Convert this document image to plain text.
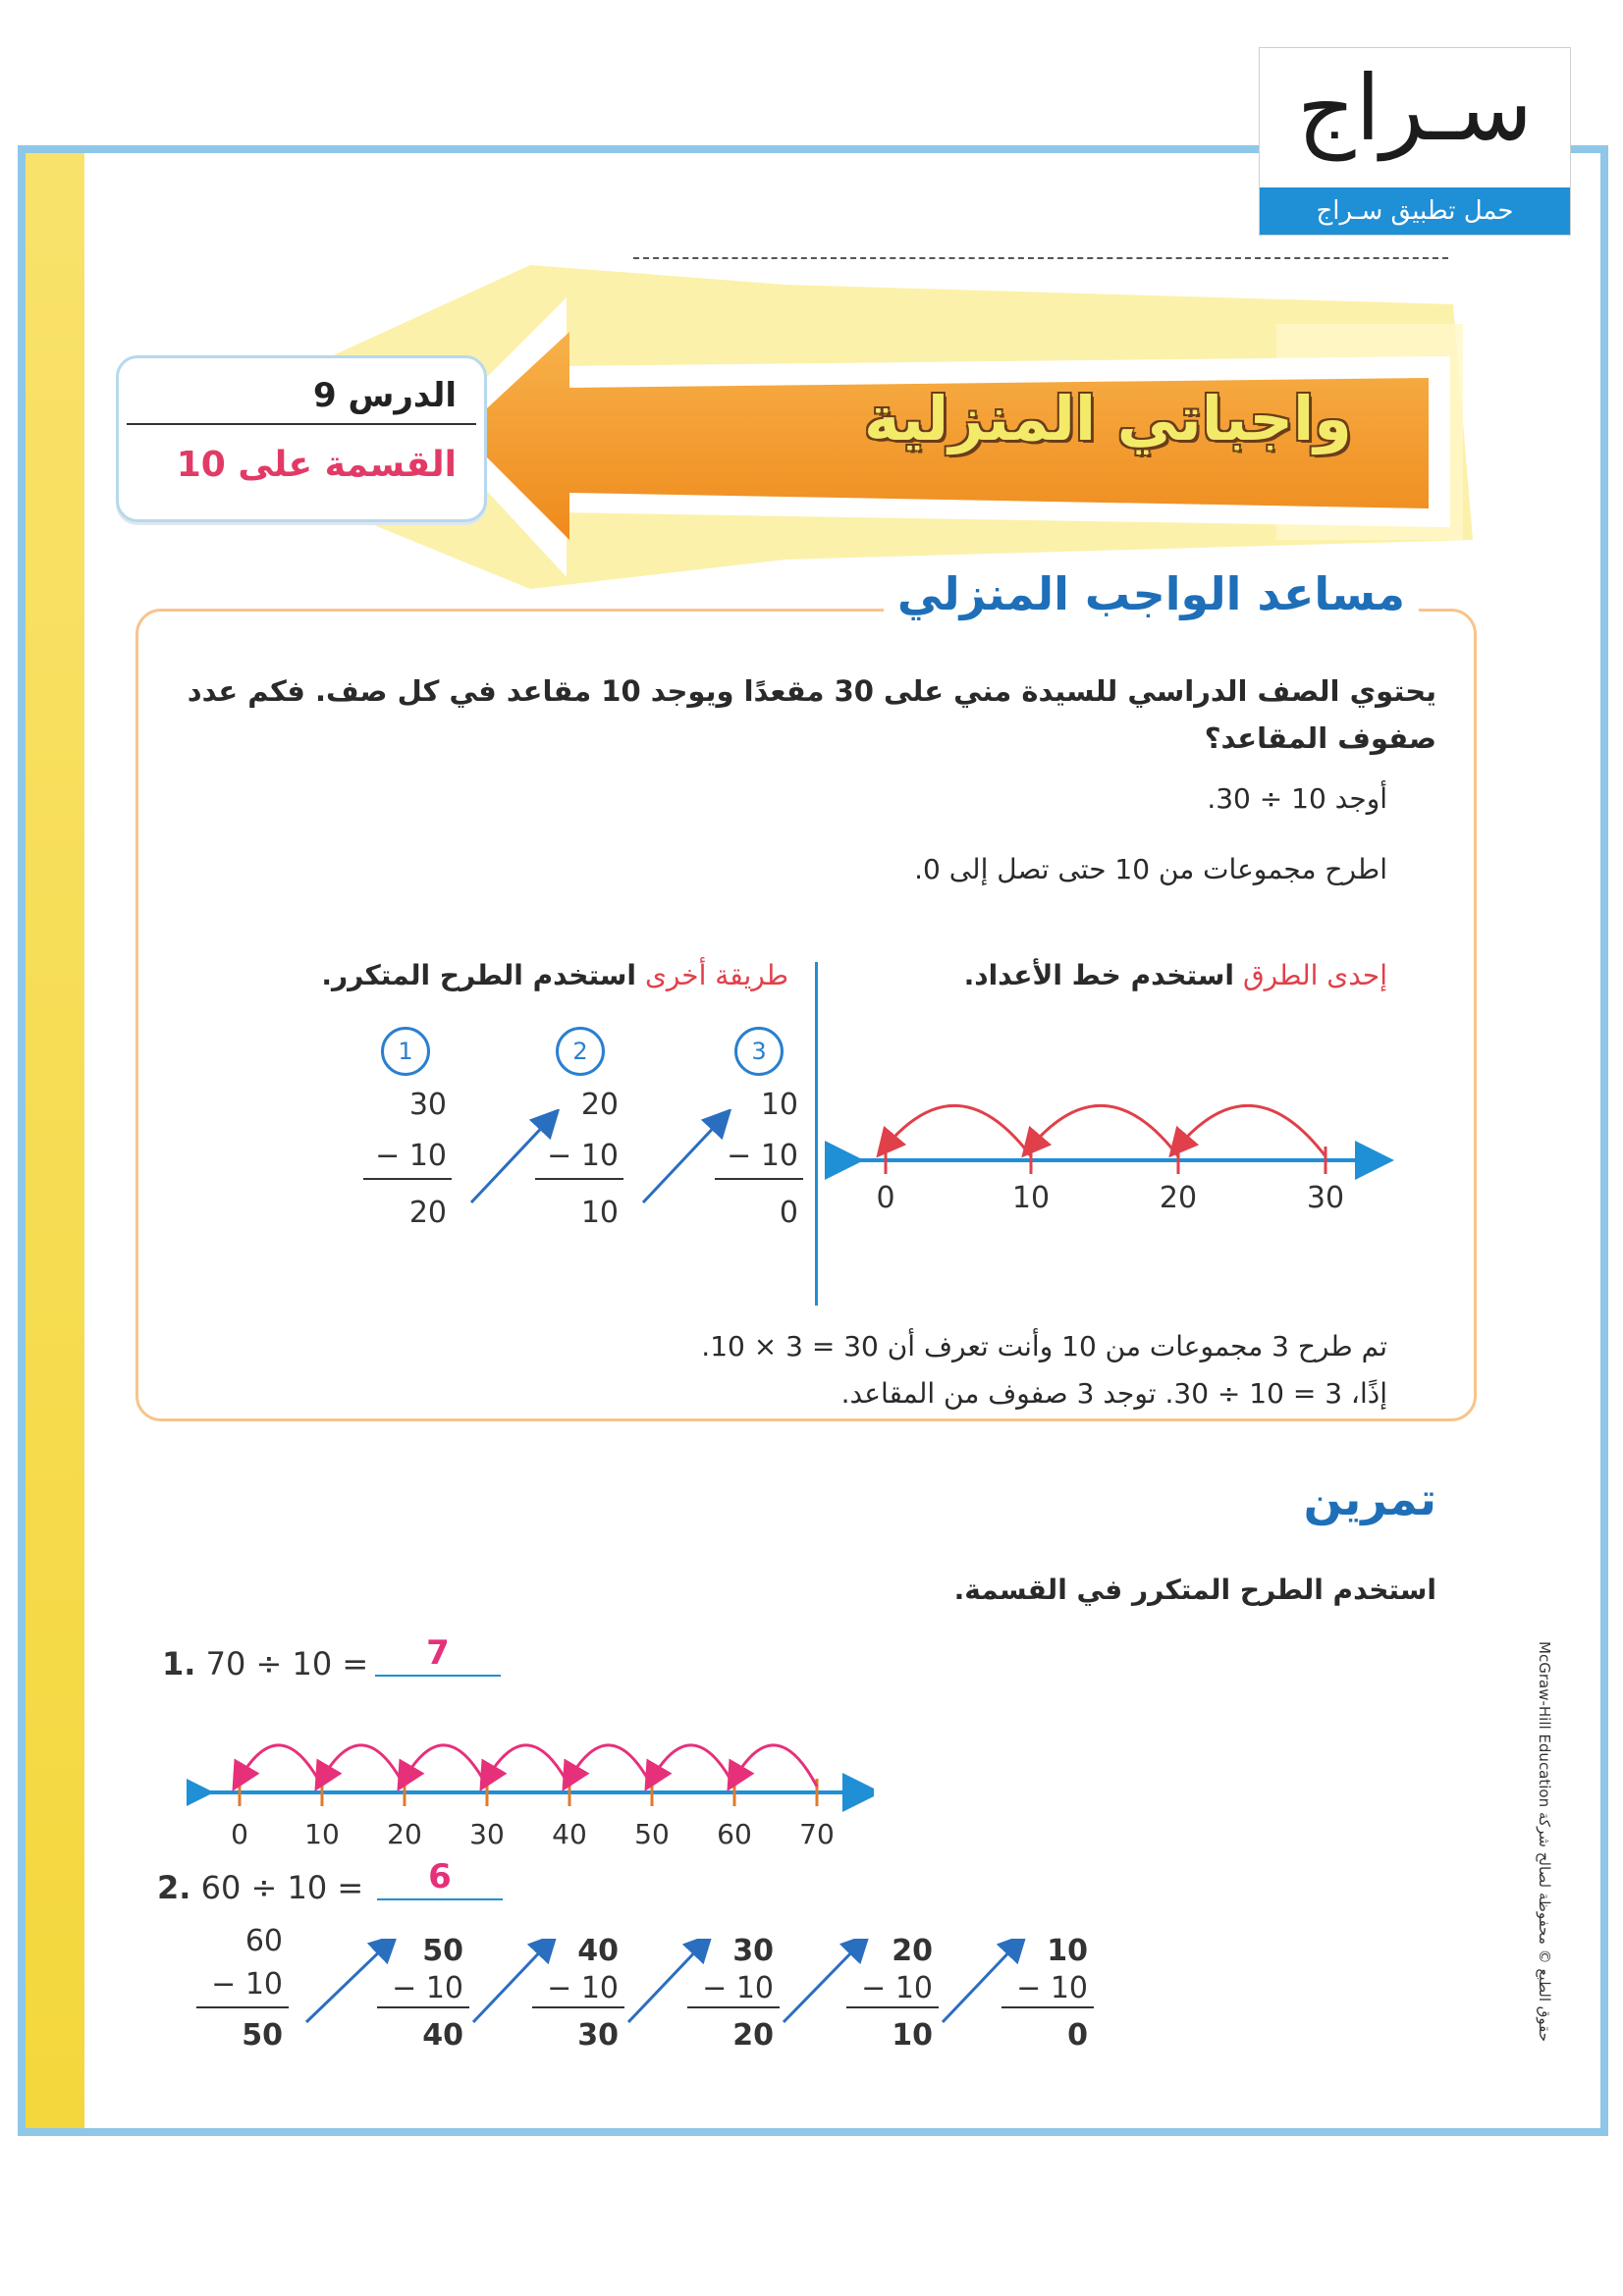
سـراج
حمل تطبيق سـراج
واجباتي المنزلية
الدرس 9
القسمة على 10
مساعد الواجب المنزلي
يحتوي الصف الدراسي للسيدة مني على 30 مقعدًا ويوجد 10 مقاعد في كل صف. فكم عدد صفوف المقاعد؟
أوجد 10 ÷ 30.
اطرح مجموعات من 10 حتى تصل إلى 0.
إحدى الطرق استخدم خط الأعداد.
طريقة أخرى استخدم الطرح المتكرر.
0	10	20	30
1	2	3
30
− 10
20
20
− 10
10
10
− 10
0
تم طرح 3 مجموعات من 10 وأنت تعرف أن 30 = 3 × 10.
إذًا، 3 = 10 ÷ 30. توجد 3 صفوف من المقاعد.
تمرين
استخدم الطرح المتكرر في القسمة.
1. 70 ÷ 10 =	7
0 10 20 30 40 50 60 70
2. 60 ÷ 10 =	6
60
− 10
50
50
− 10
40
40
− 10
30
30
− 10
20
20
− 10
10
10
− 10
0
حقوق الطبع © محفوظة لصالح شركة McGraw-Hill Education
